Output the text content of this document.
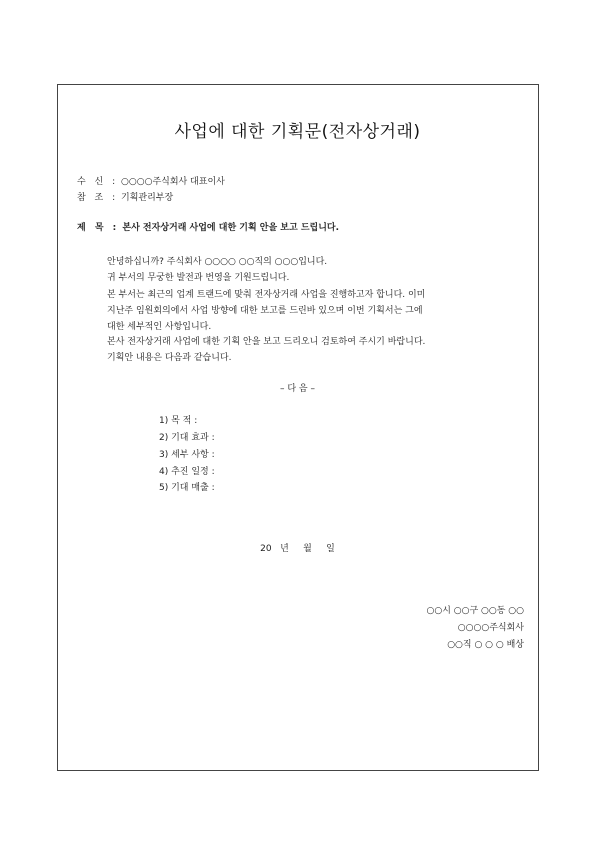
사업에 대한 기획문(전자상거래)
수 신 : ○○○○주식회사 대표이사
참 조 : 기획관리부장
제 목 : 본사 전자상거래 사업에 대한 기획 안을 보고 드립니다.
안녕하십니까? 주식회사 ○○○○ ○○직의 ○○○입니다.
귀 부서의 무궁한 발전과 번영을 기원드립니다.
본 부서는 최근의 업계 트랜드에 맞춰 전자상거래 사업을 진행하고자 합니다. 이미
지난주 임원회의에서 사업 방향에 대한 보고를 드린바 있으며 이번 기획서는 그에
대한 세부적인 사항입니다.
본사 전자상거래 사업에 대한 기획 안을 보고 드리오니 검토하여 주시기 바랍니다.
기획안 내용은 다음과 같습니다.
– 다 음 –
1) 목 적 :
2) 기대 효과 :
3) 세부 사항 :
4) 추진 일정 :
5) 기대 매출 :
20   년     월     일
○○시 ○○구 ○○동 ○○
○○○○주식회사
○○직 ○ ○ ○ 배상
